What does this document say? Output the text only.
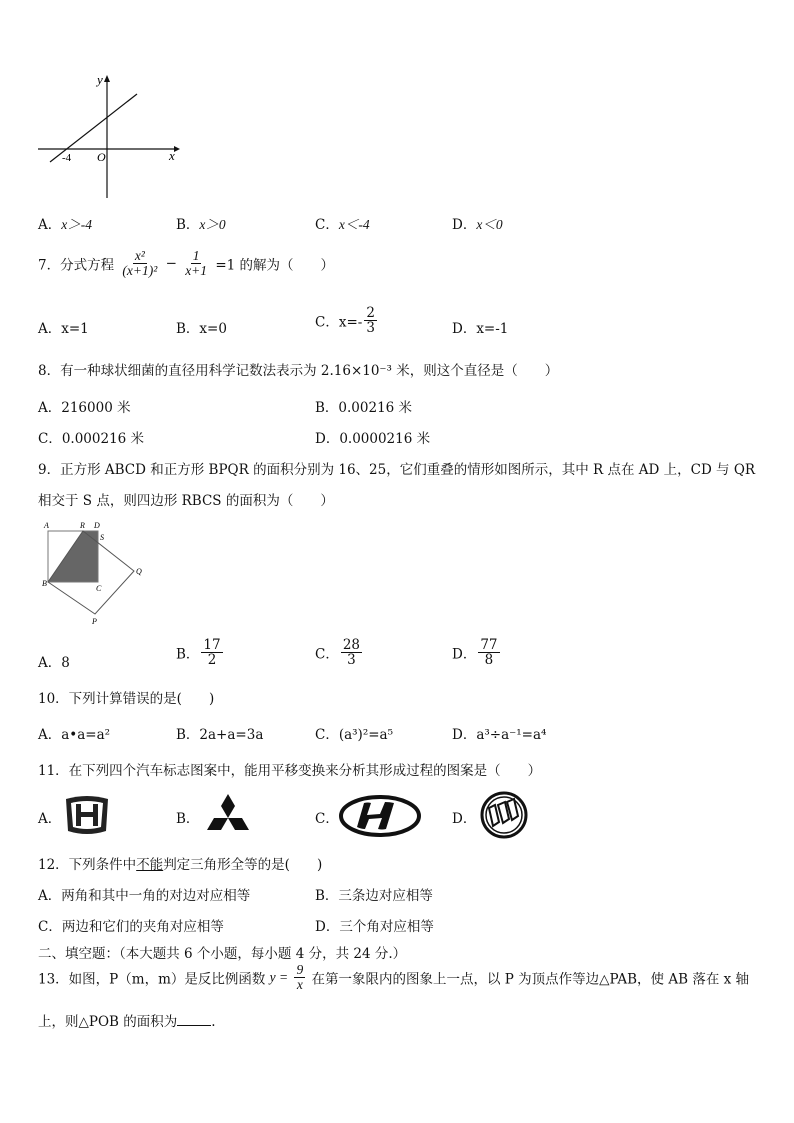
x
y
O
-4
A．x＞-4	B．x＞0	C．x＜-4	D．x＜0
7．分式方程 $\frac{\text{x²}}{\text{(x+1)²}} - \frac{1}{x+1} =1$ 的解为（　　）
A．x=1	B．x=0	C．$x=- \frac{2}{3}$	D．x=-1
8．有一种球状细菌的直径用科学记数法表示为 2.16×10⁻³ 米，则这个直径是（　　）
A．216000 米	B．0.00216 米
C．0.000216 米	D．0.0000216 米
9．正方形 ABCD 和正方形 BPQR 的面积分别为 16、25，它们重叠的情形如图所示，其中 R 点在 AD 上，CD 与 QR
相交于 S 点，则四边形 RBCS 的面积为（　　）
A	R D
S
B
C
Q
P
A．8
B． $\frac{17}{2}$	C． $\frac{28}{3}$	D． $\frac{77}{8}$
10．下列计算错误的是(　　)
A．a•a=a²	B．2a+a=3a	C．(a³)²=a⁵	D．a³÷a⁻¹=a⁴
11．在下列四个汽车标志图案中，能用平移变换来分析其形成过程的图案是（　　）
A．	B．	C．	D．
12．下列条件中不能判定三角形全等的是(　　)
A．两角和其中一角的对边对应相等	B．三条边对应相等
C．两边和它们的夹角对应相等	D．三个角对应相等
二、填空题：（本大题共 6 个小题，每小题 4 分，共 24 分.）
13．如图，P（m，m）是反比例函数 $y = \frac{9}{x}$ 在第一象限内的图象上一点，以 P 为顶点作等边△PAB，使 AB 落在 x 轴
上，则△POB 的面积为	.
